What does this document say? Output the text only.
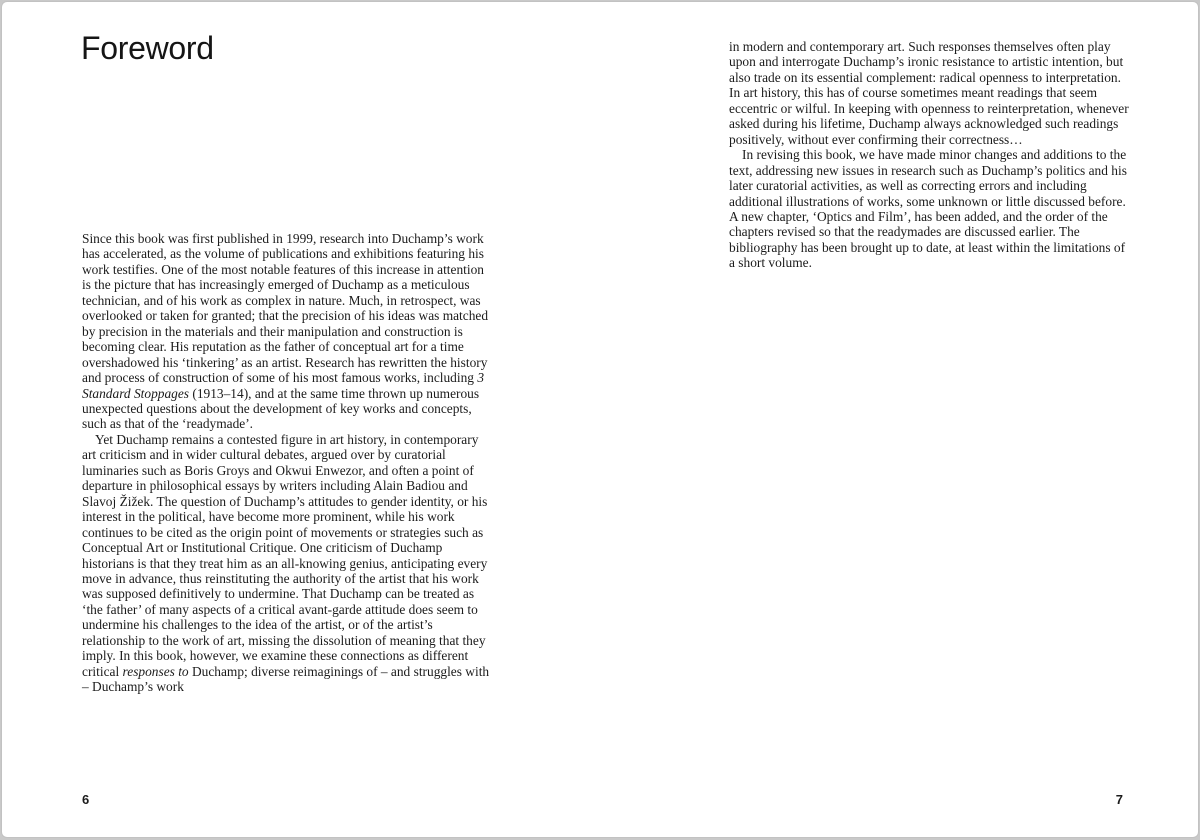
Foreword

Since this book was first published in 1999, research into Duchamp’s work has accelerated, as the volume of publications and exhibitions featuring his work testifies. One of the most notable features of this increase in attention is the picture that has increasingly emerged of Duchamp as a meticulous technician, and of his work as complex in nature. Much, in retrospect, was overlooked or taken for granted; that the precision of his ideas was matched by precision in the materials and their manipulation and construction is becoming clear. His reputation as the father of conceptual art for a time overshadowed his ‘tinkering’ as an artist. Research has rewritten the history and process of construction of some of his most famous works, including 3 Standard Stoppages (1913–14), and at the same time thrown up numerous unexpected questions about the development of key works and concepts, such as that of the ‘readymade’.

Yet Duchamp remains a contested figure in art history, in contemporary art criticism and in wider cultural debates, argued over by curatorial luminaries such as Boris Groys and Okwui Enwezor, and often a point of departure in philosophical essays by writers including Alain Badiou and Slavoj Žižek. The question of Duchamp’s attitudes to gender identity, or his interest in the political, have become more prominent, while his work continues to be cited as the origin point of movements or strategies such as Conceptual Art or Institutional Critique. One criticism of Duchamp historians is that they treat him as an all-knowing genius, anticipating every move in advance, thus reinstituting the authority of the artist that his work was supposed definitively to undermine. That Duchamp can be treated as ‘the father’ of many aspects of a critical avant-garde attitude does seem to undermine his challenges to the idea of the artist, or of the artist’s relationship to the work of art, missing the dissolution of meaning that they imply. In this book, however, we examine these connections as different critical responses to Duchamp; diverse reimaginings of – and struggles with – Duchamp’s work

6

in modern and contemporary art. Such responses themselves often play upon and interrogate Duchamp’s ironic resistance to artistic intention, but also trade on its essential complement: radical openness to interpretation. In art history, this has of course sometimes meant readings that seem eccentric or wilful. In keeping with openness to reinterpretation, whenever asked during his lifetime, Duchamp always acknowledged such readings positively, without ever confirming their correctness…

In revising this book, we have made minor changes and additions to the text, addressing new issues in research such as Duchamp’s politics and his later curatorial activities, as well as correcting errors and including additional illustrations of works, some unknown or little discussed before. A new chapter, ‘Optics and Film’, has been added, and the order of the chapters revised so that the readymades are discussed earlier. The bibliography has been brought up to date, at least within the limitations of a short volume.

7
